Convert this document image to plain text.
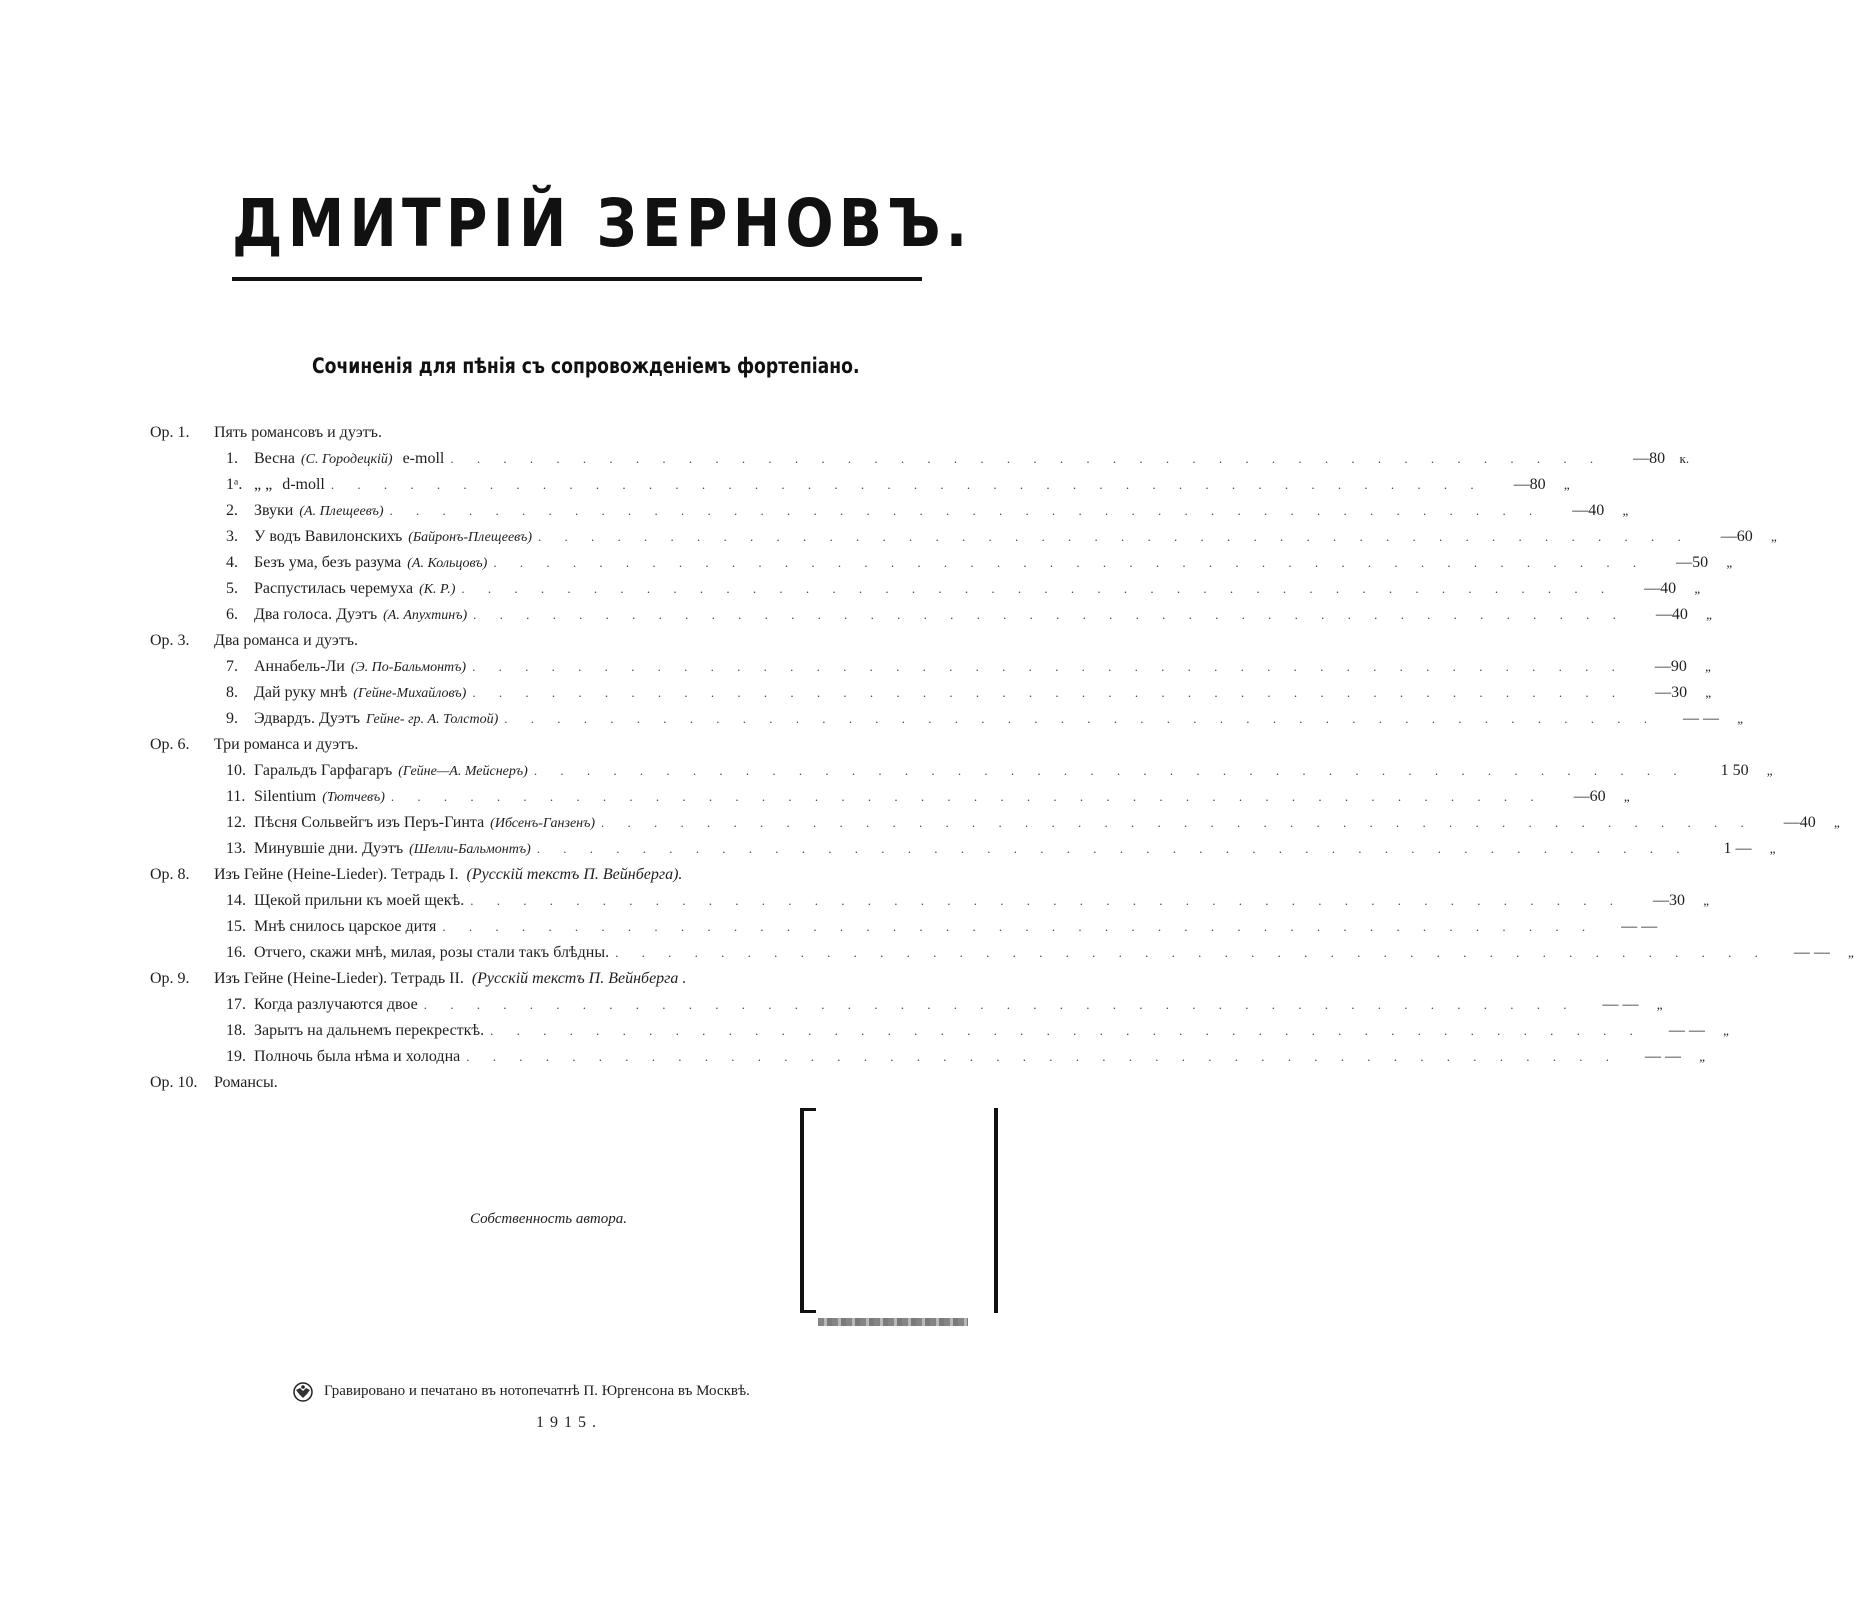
ДМИТРІЙ ЗЕРНОВЪ.
Сочиненія для пѣнія съ сопровожденіемъ фортепіано.
Op. 1. Пять романсовъ и дуэтъ.
1.	Весна (С. Городецкій) e-moll . . . . . . . . . . . . . . . . . . . . . . . . . . . . . . . . . . . . . . . . . . . .	—80	к.
1ᵃ. „ „ d-moll . . . . . . . . . . . . . . . . . . . . . . . . . . . . . . . . . . . . . . . . . . . .	—80	„
2.	Звуки (А. Плещеевъ) . . . . . . . . . . . . . . . . . . . . . . . . . . . . . . . . . . . . . . . . . . . .	—40	„
3.	У водъ Вавилонскихъ (Байронъ-Плещеевъ) . . . . . . . . . . . . . . . . . . . . . . . . . . . . . . . . . . . . . . . . . . . .	—60	„
4.	Безъ ума, безъ разума (А. Кольцовъ) . . . . . . . . . . . . . . . . . . . . . . . . . . . . . . . . . . . . . . . . . . . .	—50	„
5.	Распустилась черемуха (К. Р.) . . . . . . . . . . . . . . . . . . . . . . . . . . . . . . . . . . . . . . . . . . . .	—40	„
6.	Два голоса. Дуэтъ (А. Апухтинъ) . . . . . . . . . . . . . . . . . . . . . . . . . . . . . . . . . . . . . . . . . . . .	—40	„
Op. 3. Два романса и дуэтъ.
7.	Аннабель-Ли (Э. По-Бальмонтъ) . . . . . . . . . . . . . . . . . . . . . . . . . . . . . . . . . . . . . . . . . . . .	—90	„
8.	Дай руку мнѣ (Гейне-Михайловъ) . . . . . . . . . . . . . . . . . . . . . . . . . . . . . . . . . . . . . . . . . . . .	—30	„
9.	Эдвардъ. Дуэтъ Гейне- гр. А. Толстой) . . . . . . . . . . . . . . . . . . . . . . . . . . . . . . . . . . . . . . . . . . . .	— —	„
Op. 6. Три романса и дуэтъ.
10. Гаральдъ Гарфагаръ (Гейне—А. Мейснеръ) . . . . . . . . . . . . . . . . . . . . . . . . . . . . . . . . . . . . . . . . . . . .	1 50	„
11. Silentium (Тютчевъ) . . . . . . . . . . . . . . . . . . . . . . . . . . . . . . . . . . . . . . . . . . . .	—60	„
12. Пѣсня Сольвейгъ изъ Перъ-Гинта (Ибсенъ-Ганзенъ) . . . . . . . . . . . . . . . . . . . . . . . . . . . . . . . . . . . . . . . . . . . .	—40	„
13. Минувшіе дни. Дуэтъ (Шелли-Бальмонтъ) . . . . . . . . . . . . . . . . . . . . . . . . . . . . . . . . . . . . . . . . . . . .	1 —	„
Op. 8. Изъ Гейне (Heine-Lieder). Тетрадь I. (Русскій текстъ П. Вейнберга).
14. Щекой прильни къ моей щекѣ. . . . . . . . . . . . . . . . . . . . . . . . . . . . . . . . . . . . . . . . . . . . .	—30	„
15. Мнѣ снилось царское дитя . . . . . . . . . . . . . . . . . . . . . . . . . . . . . . . . . . . . . . . . . . . .	— —
16. Отчего, скажи мнѣ, милая, розы стали такъ блѣдны. . . . . . . . . . . . . . . . . . . . . . . . . . . . . . . . . . . . . . . . . . . . .	— —	„
Op. 9. Изъ Гейне (Heine-Lieder). Тетрадь II. (Русскій текстъ П. Вейнберга .
17. Когда разлучаются двое . . . . . . . . . . . . . . . . . . . . . . . . . . . . . . . . . . . . . . . . . . . .	— —	„
18. Зарытъ на дальнемъ перекресткѣ. . . . . . . . . . . . . . . . . . . . . . . . . . . . . . . . . . . . . . . . . . . . .	— —	„
19. Полночь была нѣма и холодна . . . . . . . . . . . . . . . . . . . . . . . . . . . . . . . . . . . . . . . . . . . .	— —	„
Op. 10. Романсы.
Собственность автора.
Гравировано и печатано въ нотопечатнѣ П. Юргенсона въ Москвѣ.
1915.
